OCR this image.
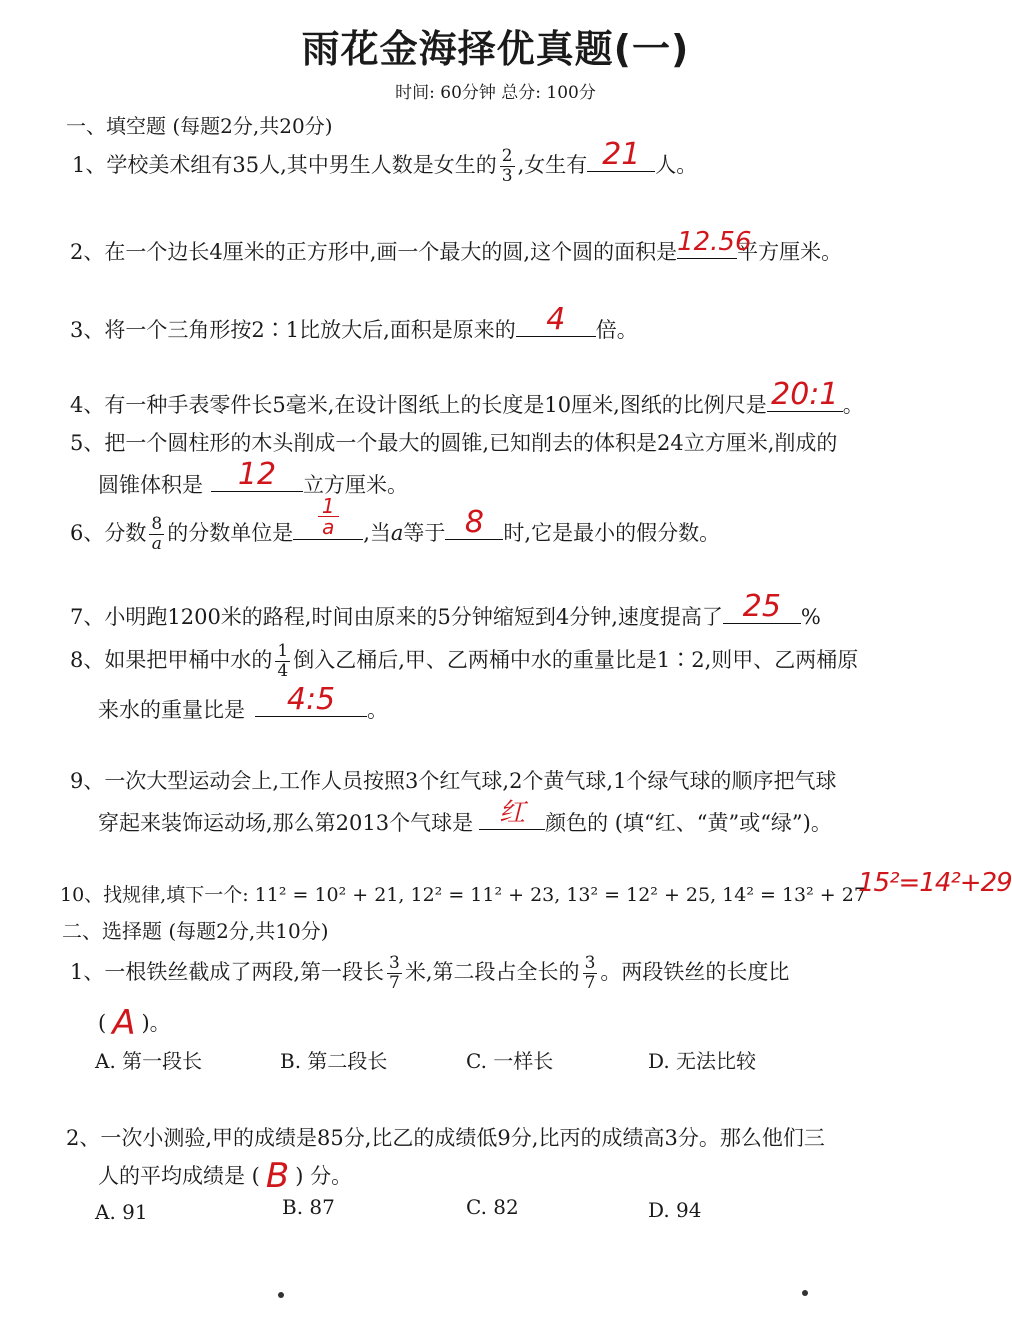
雨花金海择优真题(一)
时间: 60分钟 总分: 100分
一、填空题 (每题2分,共20分)
1、学校美术组有35人,其中男生人数是女生的 $\frac{2}{3}$ ,女生有 21 人。
2、在一个边长4厘米的正方形中,画一个最大的圆,这个圆的面积是 12.56
平方厘米。
3、将一个三角形按2∶1比放大后,面积是原来的	4	倍。
4、有一种手表零件长5毫米,在设计图纸上的长度是10厘米,图纸的比例尺是 20:1 。
5、把一个圆柱形的木头削成一个最大的圆锥,已知削去的体积是24立方厘米,削成的
圆锥体积是	12	立方厘米。
6、分数 $\frac{8}{a}$ 的分数单位是 $\frac{1}{a}$ ,当a等于 8 时,它是最小的假分数。
7、小明跑1200米的路程,时间由原来的5分钟缩短到4分钟,速度提高了 25 %
8、如果把甲桶中水的 $\frac{1}{4}$ 倒入乙桶后,甲、乙两桶中水的重量比是1∶2,则甲、乙两桶原
来水的重量比是	4:5	。
9、一次大型运动会上,工作人员按照3个红气球,2个黄气球,1个绿气球的顺序把气球
穿起来装饰运动场,那么第2013个气球是 红 颜色的 (填“红、“黄”或“绿”)。
10、找规律,填下一个: 11² = 10² + 21, 12² = 11² + 23, 13² = 12² + 25, 14² = 13² + 27
15²=14²+29
二、选择题 (每题2分,共10分)
1、一根铁丝截成了两段,第一段长 $\frac{3}{7}$ 米,第二段占全长的 $\frac{3}{7}$ 。两段铁丝的长度比
( A )。
A. 第一段长	B. 第二段长	C. 一样长	D. 无法比较
2、一次小测验,甲的成绩是85分,比乙的成绩低9分,比丙的成绩高3分。那么他们三
人的平均成绩是 ( B ) 分。
A. 91	B. 87	C. 82	D. 94
